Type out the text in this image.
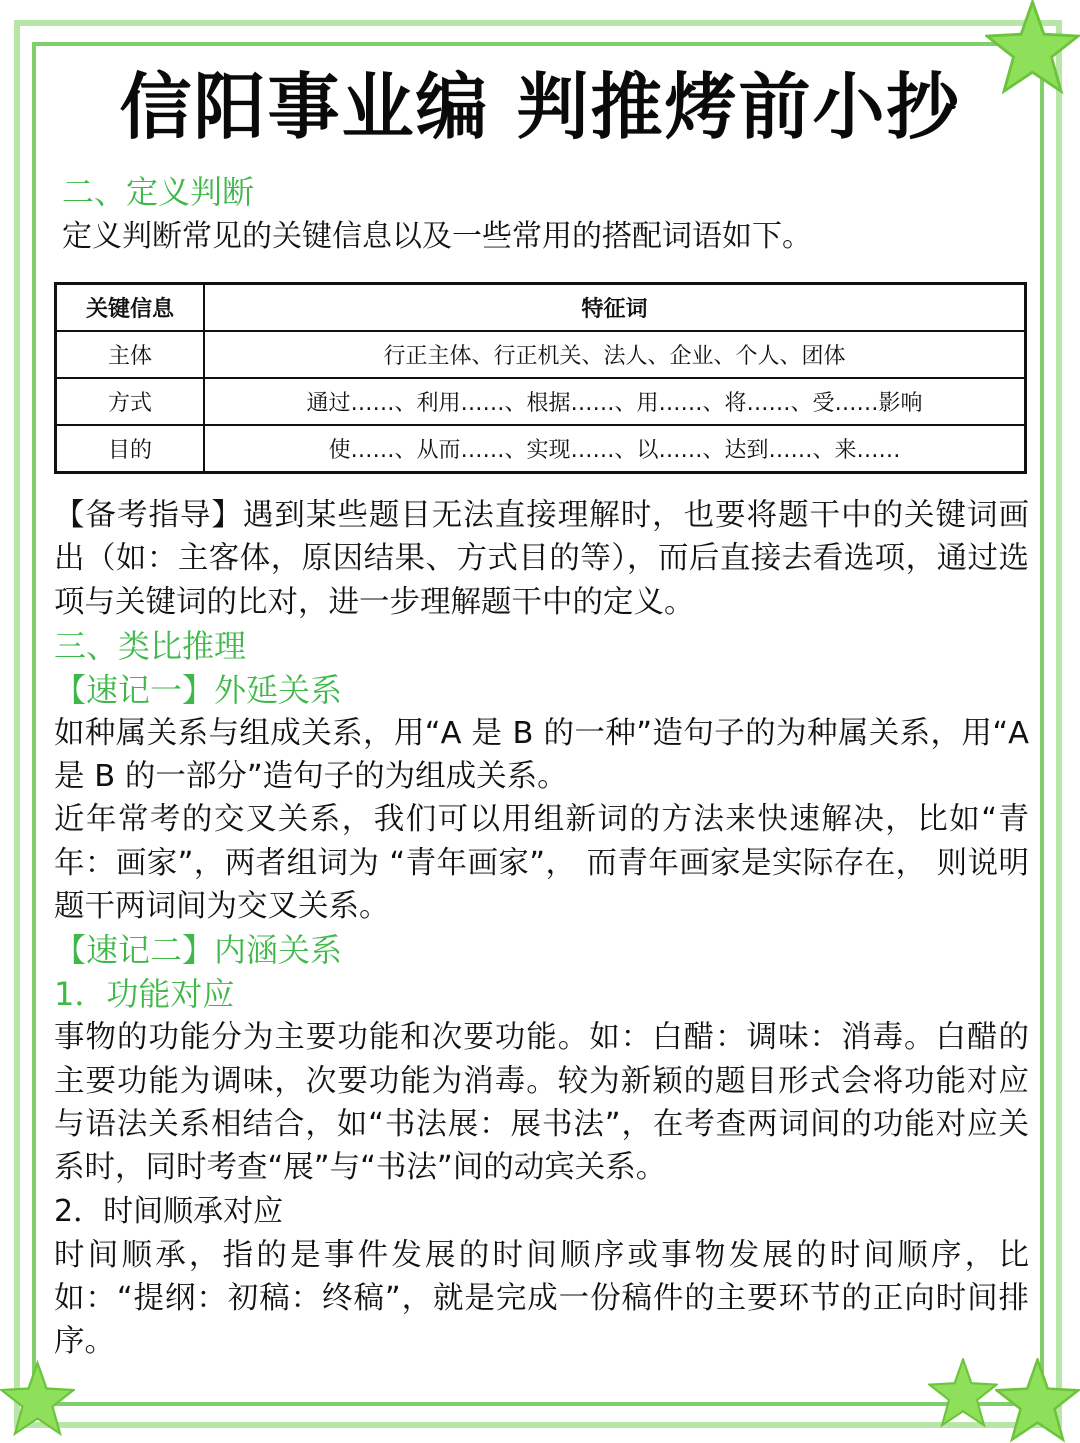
信阳事业编 判推烤前小抄
二、定义判断

定义判断常见的关键信息以及一些常用的搭配词语如下。

关键信息	特征词
主体	行正主体、行正机关、法人、企业、个人、团体
方式	通过……、利用……、根据……、用……、将……、受……影响
目的	使……、从而……、实现……、以……、达到……、来……

【备考指导】遇到某些题目无法直接理解时，也要将题干中的关键词画出（如：主客体，原因结果、方式目的等），而后直接去看选项，通过选项与关键词的比对，进一步理解题干中的定义。

三、类比推理
【速记一】外延关系

如种属关系与组成关系，用“A 是 B 的一种”造句子的为种属关系，用“A 是 B 的一部分”造句子的为组成关系。

近年常考的交叉关系，我们可以用组新词的方法来快速解决，比如“青年：画家”，两者组词为 “青年画家”， 而青年画家是实际存在， 则说明题干两词间为交叉关系。

【速记二】内涵关系
1．功能对应

事物的功能分为主要功能和次要功能。如：白醋：调味：消毒。白醋的主要功能为调味，次要功能为消毒。较为新颖的题目形式会将功能对应与语法关系相结合，如“书法展：展书法”，在考查两词间的功能对应关系时，同时考查“展”与“书法”间的动宾关系。

2．时间顺承对应

时间顺承，指的是事件发展的时间顺序或事物发展的时间顺序，比如：“提纲：初稿：终稿”，就是完成一份稿件的主要环节的正向时间排序。
